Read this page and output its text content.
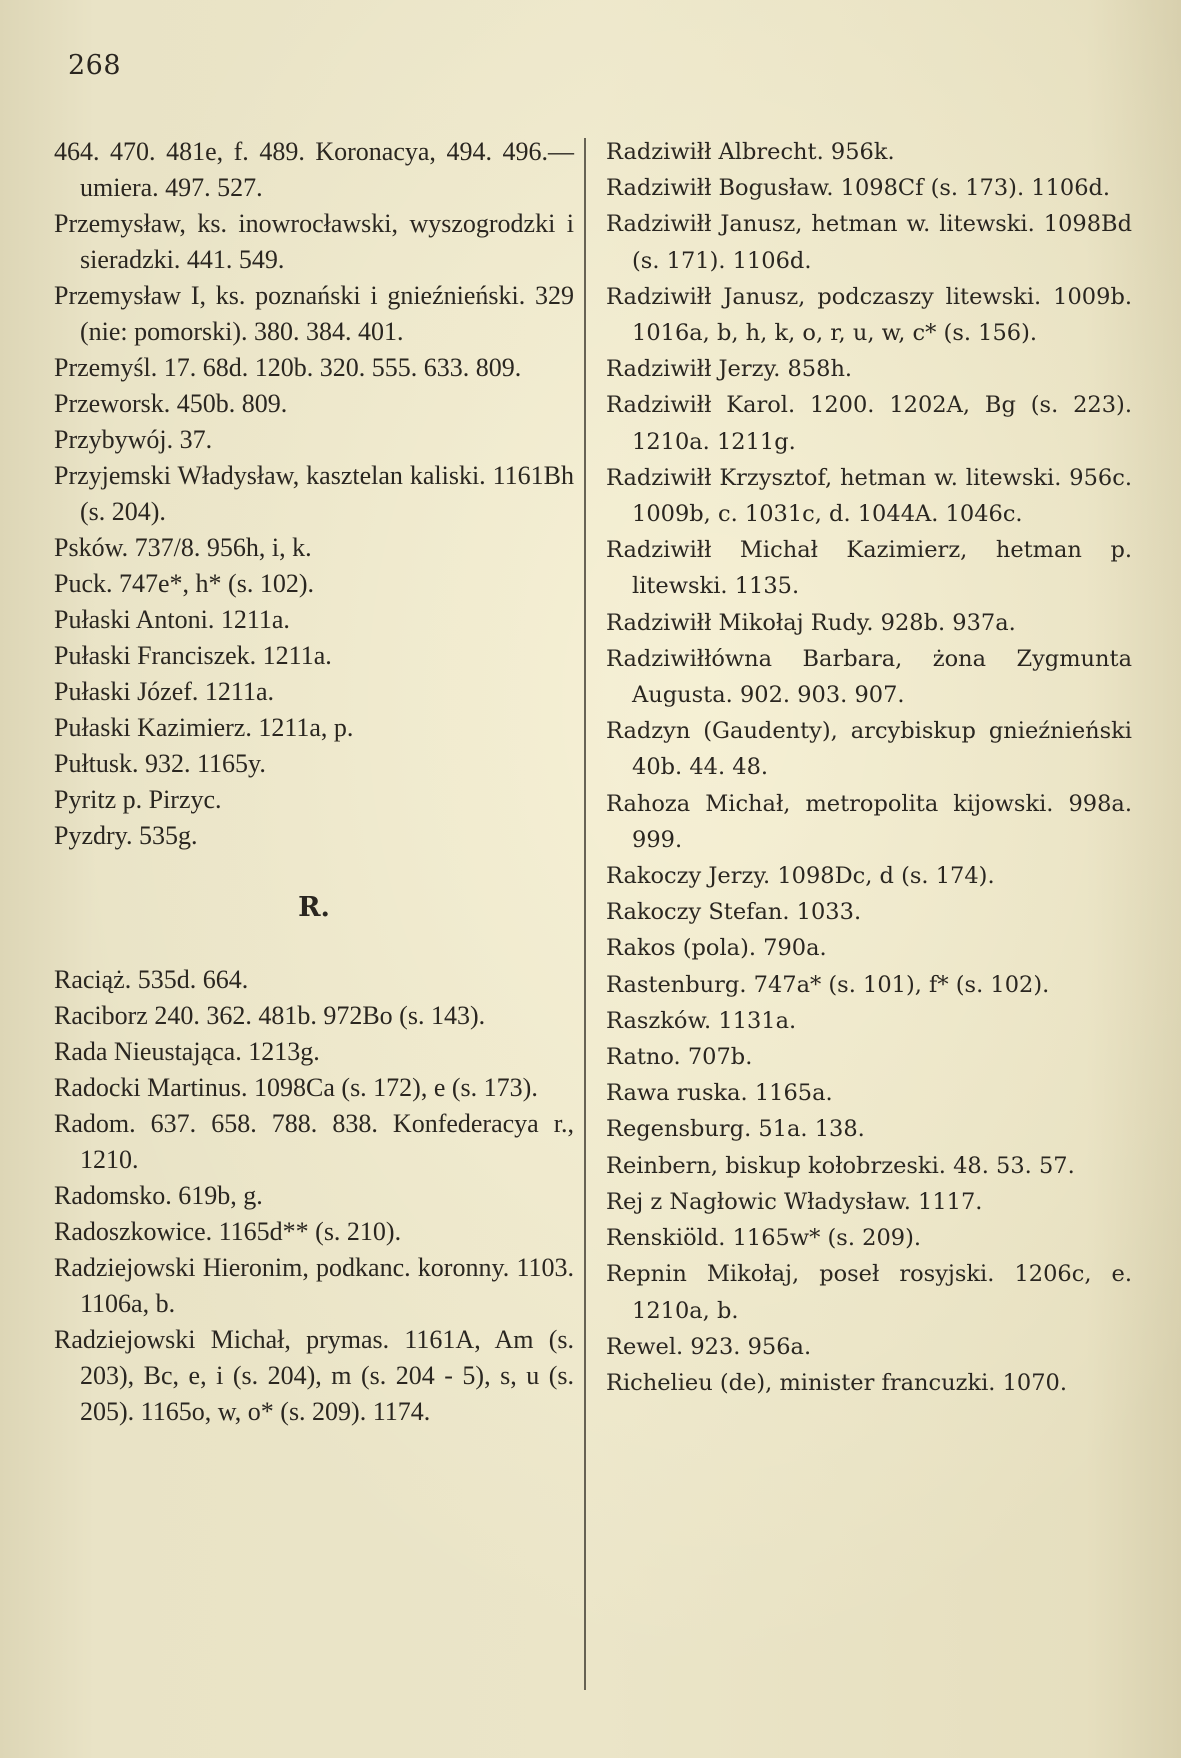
268

464. 470. 481e, f. 489. Koronacya, 494. 496.—umiera. 497. 527.

Przemysław, ks. inowrocławski, wyszogrodzki i sieradzki. 441. 549.

Przemysław I, ks. poznański i gnieźnieński. 329 (nie: pomorski). 380. 384. 401.

Przemyśl. 17. 68d. 120b. 320. 555. 633. 809.

Przeworsk. 450b. 809.

Przybywój. 37.

Przyjemski Władysław, kasztelan kaliski. 1161Bh (s. 204).

Psków. 737/8. 956h, i, k.

Puck. 747e*, h* (s. 102).

Pułaski Antoni. 1211a.

Pułaski Franciszek. 1211a.

Pułaski Józef. 1211a.

Pułaski Kazimierz. 1211a, p.

Pułtusk. 932. 1165y.

Pyritz p. Pirzyc.

Pyzdry. 535g.

R.

Raciąż. 535d. 664.

Raciborz 240. 362. 481b. 972Bo (s. 143).

Rada Nieustająca. 1213g.

Radocki Martinus. 1098Ca (s. 172), e (s. 173).

Radom. 637. 658. 788. 838. Konfederacya r., 1210.

Radomsko. 619b, g.

Radoszkowice. 1165d** (s. 210).

Radziejowski Hieronim, podkanc. koronny. 1103. 1106a, b.

Radziejowski Michał, prymas. 1161A, Am (s. 203), Bc, e, i (s. 204), m (s. 204 - 5), s, u (s. 205). 1165o, w, o* (s. 209). 1174.

Radziwiłł Albrecht. 956k.

Radziwiłł Bogusław. 1098Cf (s. 173). 1106d.

Radziwiłł Janusz, hetman w. litewski. 1098Bd (s. 171). 1106d.

Radziwiłł Janusz, podczaszy litewski. 1009b. 1016a, b, h, k, o, r, u, w, c* (s. 156).

Radziwiłł Jerzy. 858h.

Radziwiłł Karol. 1200. 1202A, Bg (s. 223). 1210a. 1211g.

Radziwiłł Krzysztof, hetman w. litewski. 956c. 1009b, c. 1031c, d. 1044A. 1046c.

Radziwiłł Michał Kazimierz, hetman p. litewski. 1135.

Radziwiłł Mikołaj Rudy. 928b. 937a.

Radziwiłłówna Barbara, żona Zygmunta Augusta. 902. 903. 907.

Radzyn (Gaudenty), arcybiskup gnieźnieński 40b. 44. 48.

Rahoza Michał, metropolita kijowski. 998a. 999.

Rakoczy Jerzy. 1098Dc, d (s. 174).

Rakoczy Stefan. 1033.

Rakos (pola). 790a.

Rastenburg. 747a* (s. 101), f* (s. 102).

Raszków. 1131a.

Ratno. 707b.

Rawa ruska. 1165a.

Regensburg. 51a. 138.

Reinbern, biskup kołobrzeski. 48. 53. 57.

Rej z Nagłowic Władysław. 1117.

Renskiöld. 1165w* (s. 209).

Repnin Mikołaj, poseł rosyjski. 1206c, e. 1210a, b.

Rewel. 923. 956a.

Richelieu (de), minister francuzki. 1070.
